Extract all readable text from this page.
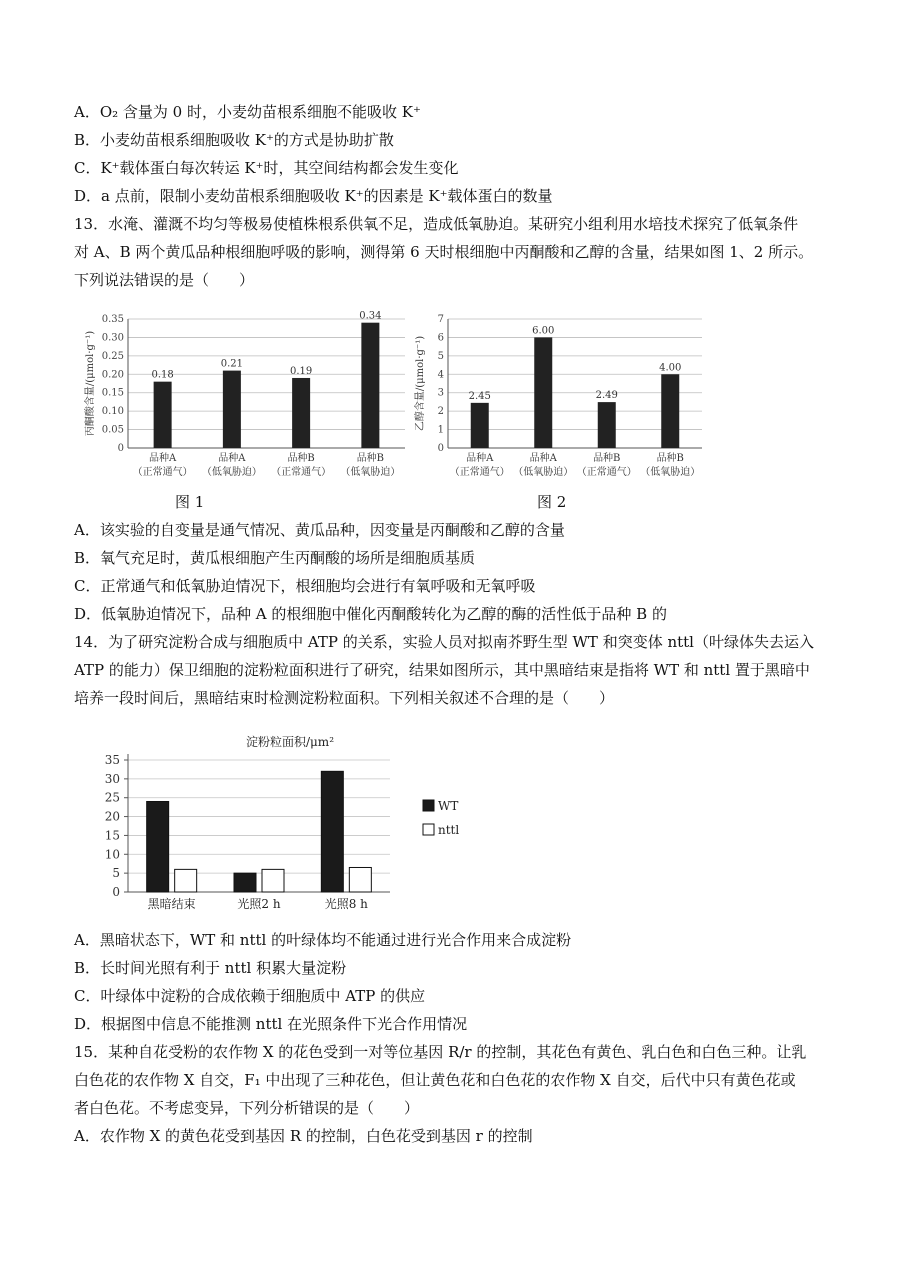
A．O₂ 含量为 0 时，小麦幼苗根系细胞不能吸收 K⁺
B．小麦幼苗根系细胞吸收 K⁺的方式是协助扩散
C．K⁺载体蛋白每次转运 K⁺时，其空间结构都会发生变化
D．a 点前，限制小麦幼苗根系细胞吸收 K⁺的因素是 K⁺载体蛋白的数量
13．水淹、灌溉不均匀等极易使植株根系供氧不足，造成低氧胁迫。某研究小组利用水培技术探究了低氧条件
对 A、B 两个黄瓜品种根细胞呼吸的影响，测得第 6 天时根细胞中丙酮酸和乙醇的含量，结果如图 1、2 所示。
下列说法错误的是（　　）
0
0.05
0.10
0.15
0.20
0.25
0.30
0.35
丙酮酸含量/(μmol·g⁻¹)	0.18
品种A
（正常通气）
0.21
品种A
（低氧胁迫）
0.19
品种B
（正常通气）
0.34
品种B
（低氧胁迫）
0
1
2
3
4
5
6
7
乙醇含量/(μmol·g⁻¹)	2.45
品种A
（正常通气）
6.00
品种A
（低氧胁迫）
2.49
品种B
（正常通气）
4.00
品种B
（低氧胁迫）
图 1	图 2
A．该实验的自变量是通气情况、黄瓜品种，因变量是丙酮酸和乙醇的含量
B．氧气充足时，黄瓜根细胞产生丙酮酸的场所是细胞质基质
C．正常通气和低氧胁迫情况下，根细胞均会进行有氧呼吸和无氧呼吸
D．低氧胁迫情况下，品种 A 的根细胞中催化丙酮酸转化为乙醇的酶的活性低于品种 B 的
14．为了研究淀粉合成与细胞质中 ATP 的关系，实验人员对拟南芥野生型 WT 和突变体 nttl（叶绿体失去运入
ATP 的能力）保卫细胞的淀粉粒面积进行了研究，结果如图所示，其中黑暗结束是指将 WT 和 nttl 置于黑暗中
培养一段时间后，黑暗结束时检测淀粉粒面积。下列相关叙述不合理的是（　　）
淀粉粒面积/μm²
0
5
10
15
20
25
30
35
黑暗结束	光照2 h	光照8 h
WT
nttl
A．黑暗状态下，WT 和 nttl 的叶绿体均不能通过进行光合作用来合成淀粉
B．长时间光照有利于 nttl 积累大量淀粉
C．叶绿体中淀粉的合成依赖于细胞质中 ATP 的供应
D．根据图中信息不能推测 nttl 在光照条件下光合作用情况
15．某种自花受粉的农作物 X 的花色受到一对等位基因 R/r 的控制，其花色有黄色、乳白色和白色三种。让乳
白色花的农作物 X 自交，F₁ 中出现了三种花色，但让黄色花和白色花的农作物 X 自交，后代中只有黄色花或
者白色花。不考虑变异，下列分析错误的是（　　）
A．农作物 X 的黄色花受到基因 R 的控制，白色花受到基因 r 的控制
